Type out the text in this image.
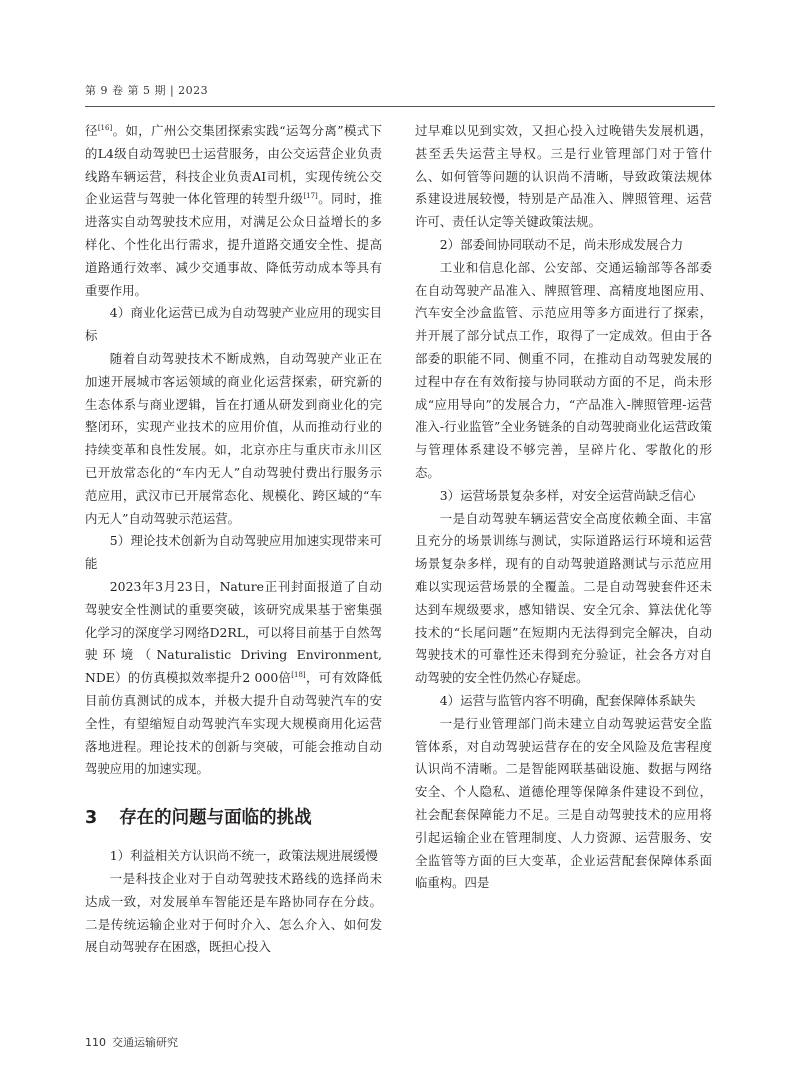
第 9 卷 第 5 期 | 2023

径[16]。如，广州公交集团探索实践“运驾分离”模式下的L4级自动驾驶巴士运营服务，由公交运营企业负责线路车辆运营，科技企业负责AI司机，实现传统公交企业运营与驾驶一体化管理的转型升级[17]。同时，推进落实自动驾驶技术应用，对满足公众日益增长的多样化、个性化出行需求，提升道路交通安全性、提高道路通行效率、减少交通事故、降低劳动成本等具有重要作用。

4）商业化运营已成为自动驾驶产业应用的现实目标

随着自动驾驶技术不断成熟，自动驾驶产业正在加速开展城市客运领域的商业化运营探索，研究新的生态体系与商业逻辑，旨在打通从研发到商业化的完整闭环，实现产业技术的应用价值，从而推动行业的持续变革和良性发展。如，北京亦庄与重庆市永川区已开放常态化的“车内无人”自动驾驶付费出行服务示范应用，武汉市已开展常态化、规模化、跨区域的“车内无人”自动驾驶示范运营。

5）理论技术创新为自动驾驶应用加速实现带来可能

2023年3月23日，Nature正刊封面报道了自动驾驶安全性测试的重要突破，该研究成果基于密集强化学习的深度学习网络D2RL，可以将目前基于自然驾驶环境（Naturalistic Driving Environment, NDE）的仿真模拟效率提升2 000倍[18]，可有效降低目前仿真测试的成本，并极大提升自动驾驶汽车的安全性，有望缩短自动驾驶汽车实现大规模商用化运营落地进程。理论技术的创新与突破，可能会推动自动驾驶应用的加速实现。

3 存在的问题与面临的挑战

1）利益相关方认识尚不统一，政策法规进展缓慢

一是科技企业对于自动驾驶技术路线的选择尚未达成一致，对发展单车智能还是车路协同存在分歧。二是传统运输企业对于何时介入、怎么介入、如何发展自动驾驶存在困惑，既担心投入

过早难以见到实效，又担心投入过晚错失发展机遇，甚至丢失运营主导权。三是行业管理部门对于管什么、如何管等问题的认识尚不清晰，导致政策法规体系建设进展较慢，特别是产品准入、牌照管理、运营许可、责任认定等关键政策法规。

2）部委间协同联动不足，尚未形成发展合力

工业和信息化部、公安部、交通运输部等各部委在自动驾驶产品准入、牌照管理、高精度地图应用、汽车安全沙盒监管、示范应用等多方面进行了探索，并开展了部分试点工作，取得了一定成效。但由于各部委的职能不同、侧重不同，在推动自动驾驶发展的过程中存在有效衔接与协同联动方面的不足，尚未形成“应用导向”的发展合力，“产品准入-牌照管理-运营准入-行业监管”全业务链条的自动驾驶商业化运营政策与管理体系建设不够完善，呈碎片化、零散化的形态。

3）运营场景复杂多样，对安全运营尚缺乏信心

一是自动驾驶车辆运营安全高度依赖全面、丰富且充分的场景训练与测试，实际道路运行环境和运营场景复杂多样，现有的自动驾驶道路测试与示范应用难以实现运营场景的全覆盖。二是自动驾驶套件还未达到车规级要求，感知错误、安全冗余、算法优化等技术的“长尾问题”在短期内无法得到完全解决，自动驾驶技术的可靠性还未得到充分验证，社会各方对自动驾驶的安全性仍然心存疑虑。

4）运营与监管内容不明确，配套保障体系缺失

一是行业管理部门尚未建立自动驾驶运营安全监管体系，对自动驾驶运营存在的安全风险及危害程度认识尚不清晰。二是智能网联基础设施、数据与网络安全、个人隐私、道德伦理等保障条件建设不到位，社会配套保障能力不足。三是自动驾驶技术的应用将引起运输企业在管理制度、人力资源、运营服务、安全监管等方面的巨大变革，企业运营配套保障体系面临重构。四是

110 交通运输研究
